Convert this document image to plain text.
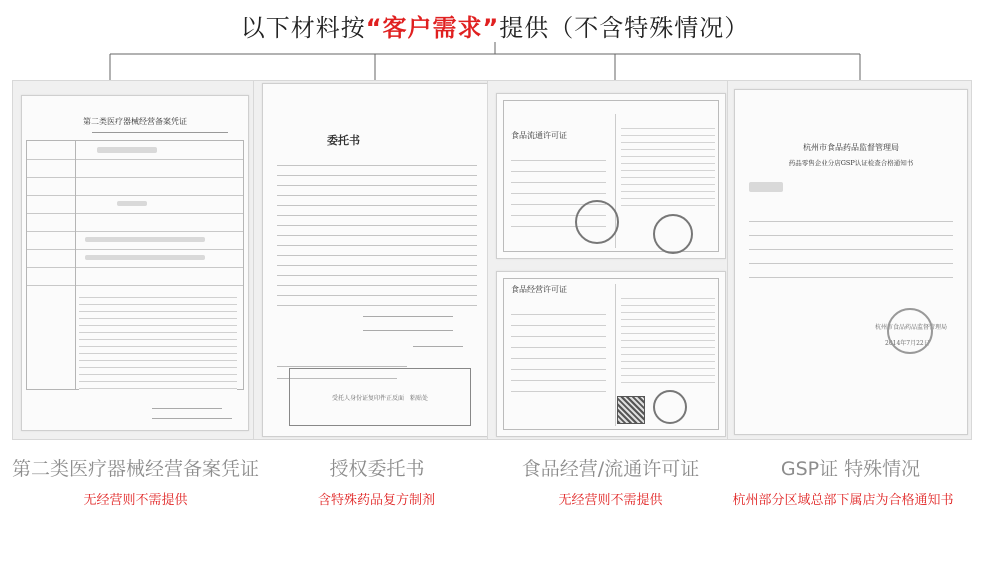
以下材料按“客户需求”提供（不含特殊情况）
第二类医疗器械经营备案凭证
第二类医疗器械经营备案凭证
无经营则不需提供
委托书
受托人身份证复印件正反面　粘贴处
授权委托书
含特殊药品复方制剂
食品流通许可证
食品经营许可证
食品经营/流通许可证
无经营则不需提供
杭州市食品药品监督管理局
药品零售企业分店GSP认证检查合格通知书
杭州市食品药品监督管理局
2014年7月22日
GSP证 特殊情况
杭州部分区域总部下属店为合格通知书
